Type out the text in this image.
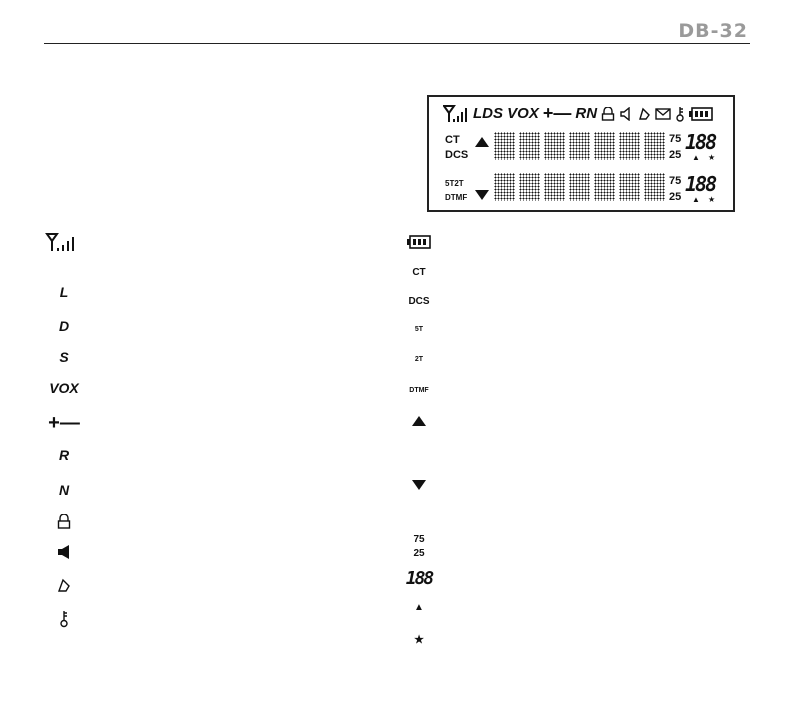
DB-32
LDS VOX +— RN
CT
DCS
75
25
188
▲ ★
5T2T
DTMF
75
25
188
▲ ★
L
D
S
VOX
+—
R
N
CT
DCS
5T
2T
DTMF
75
25
188
▲
★
